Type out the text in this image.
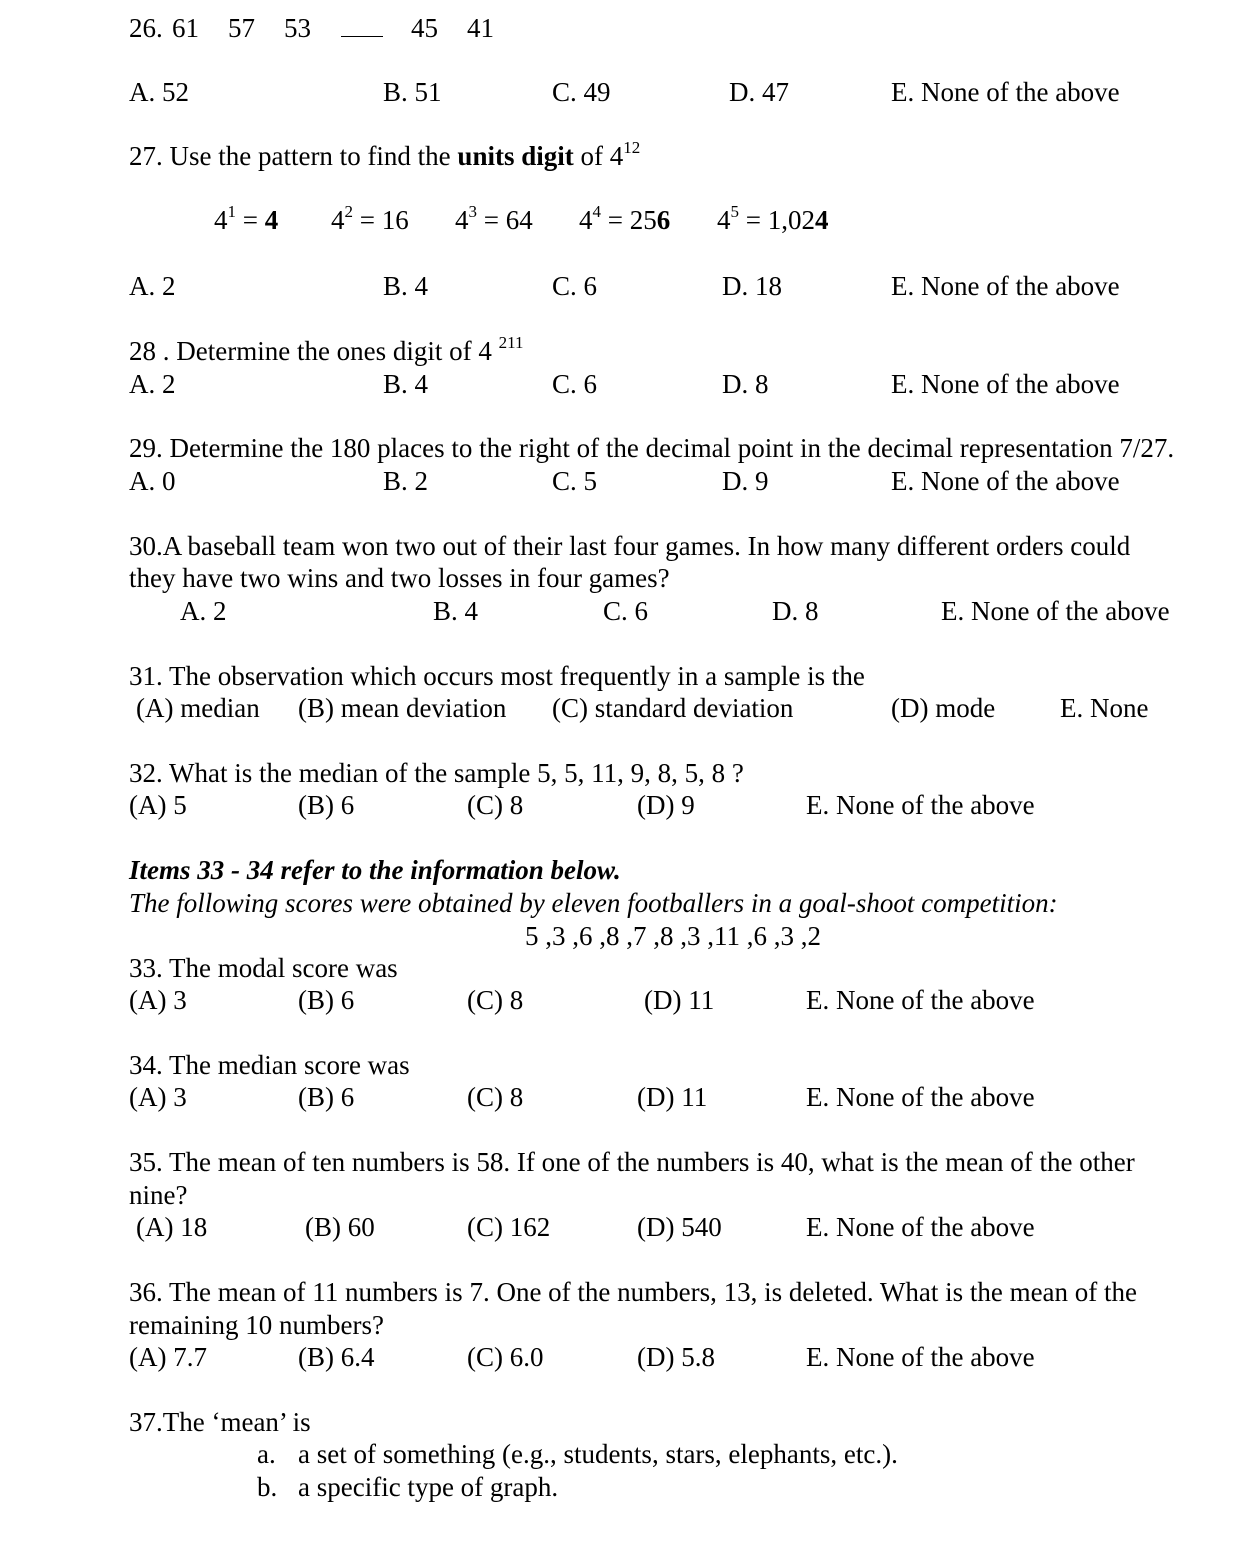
26. 61 57 53	45 41
A. 52	B. 51	C. 49	D. 47	E. None of the above
27. Use the pattern to find the units digit of $4^{12}$
$4^1 = 4$ $4^2 = 16$ $4^3 = 64$ $4^4 = 256$ $4^5 = 1,024$
A. 2	B. 4	C. 6	D. 18	E. None of the above
28 . Determine the ones digit of 4 $^{211}$
A. 2	B. 4	C. 6	D. 8	E. None of the above
29. Determine the 180 places to the right of the decimal point in the decimal representation 7/27.
A. 0	B. 2	C. 5	D. 9	E. None of the above
30.A baseball team won two out of their last four games. In how many different orders could
they have two wins and two losses in four games?
A. 2	B. 4	C. 6	D. 8	E. None of the above
31. The observation which occurs most frequently in a sample is the
(A) median (B) mean deviation (C) standard deviation	(D) mode E. None
32. What is the median of the sample 5, 5, 11, 9, 8, 5, 8 ?
(A) 5	(B) 6	(C) 8	(D) 9	E. None of the above
Items 33 - 34 refer to the information below.
The following scores were obtained by eleven footballers in a goal-shoot competition:
5 ,3 ,6 ,8 ,7 ,8 ,3 ,11 ,6 ,3 ,2
33. The modal score was
(A) 3	(B) 6	(C) 8	(D) 11	E. None of the above
34. The median score was
(A) 3	(B) 6	(C) 8	(D) 11	E. None of the above
35. The mean of ten numbers is 58. If one of the numbers is 40, what is the mean of the other
nine?
(A) 18	(B) 60	(C) 162	(D) 540	E. None of the above
36. The mean of 11 numbers is 7. One of the numbers, 13, is deleted. What is the mean of the
remaining 10 numbers?
(A) 7.7	(B) 6.4	(C) 6.0	(D) 5.8	E. None of the above
37.The ‘mean’ is
a. a set of something (e.g., students, stars, elephants, etc.).
b. a specific type of graph.
